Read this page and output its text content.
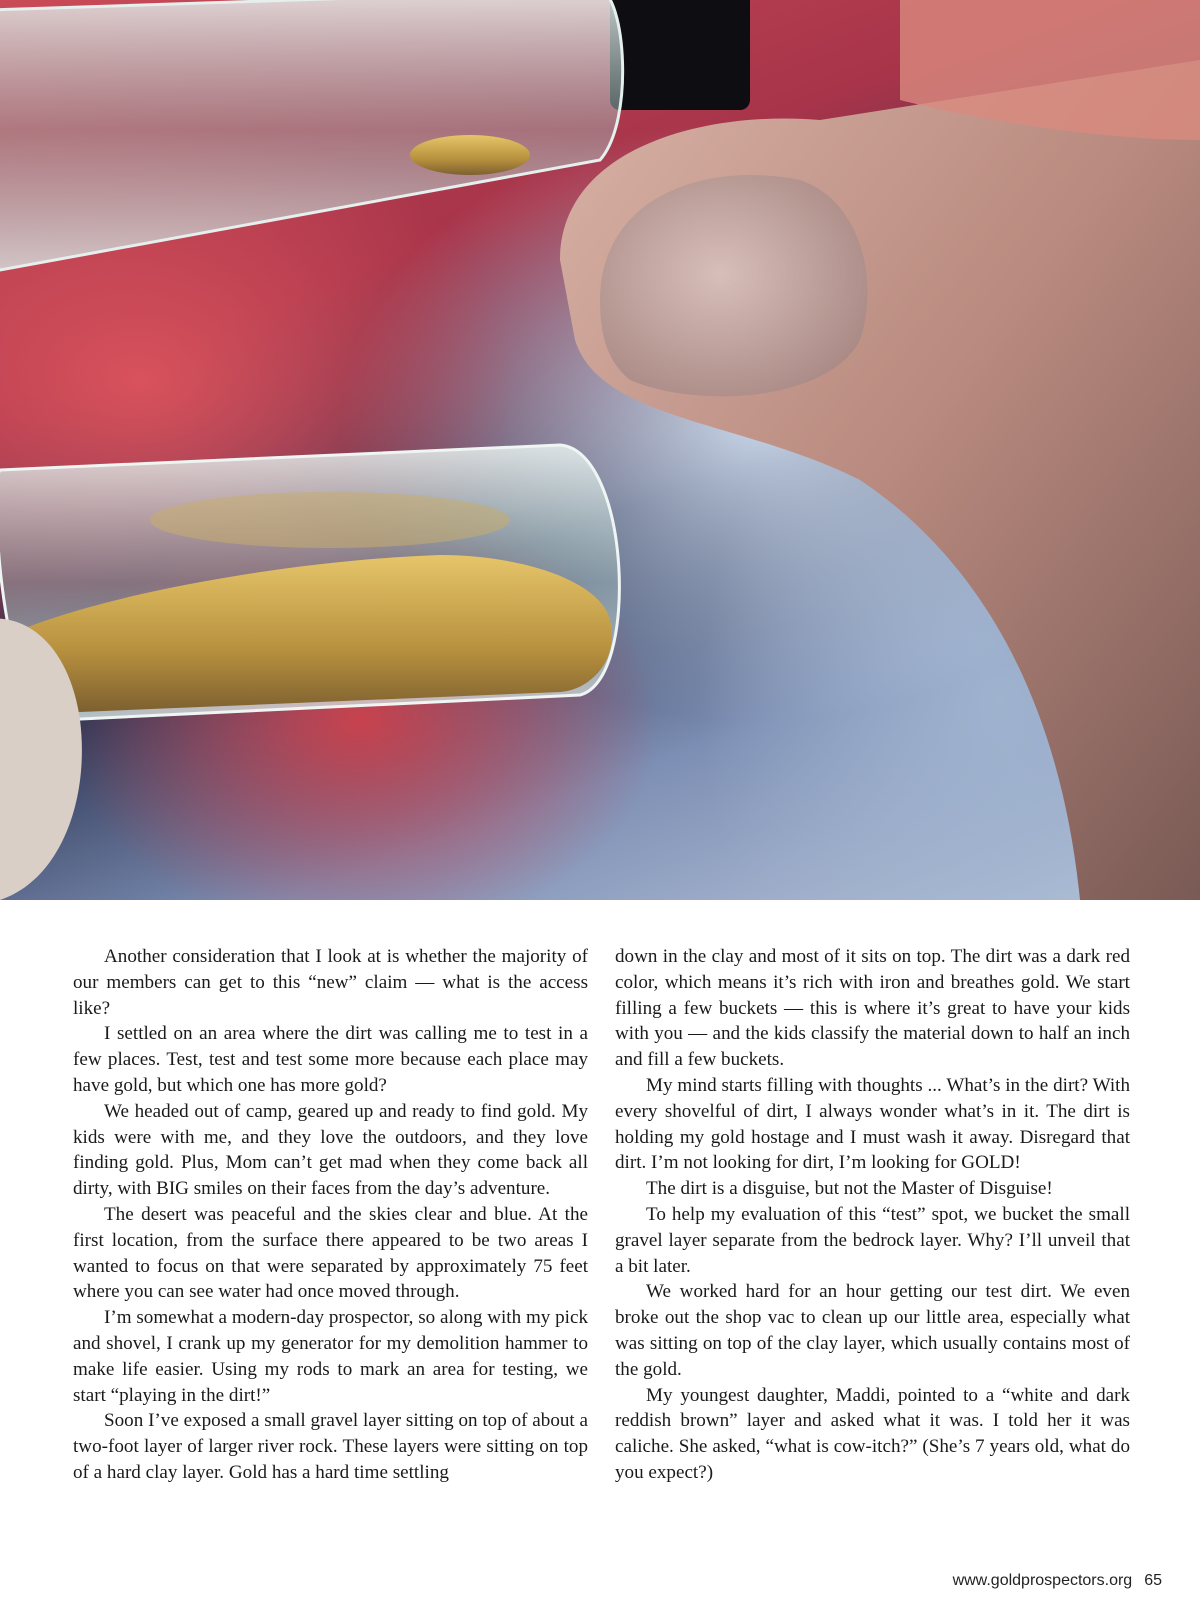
Another consideration that I look at is whether the majority of our members can get to this “new” claim — what is the access like?

I settled on an area where the dirt was calling me to test in a few places. Test, test and test some more because each place may have gold, but which one has more gold?

We headed out of camp, geared up and ready to find gold. My kids were with me, and they love the outdoors, and they love finding gold. Plus, Mom can’t get mad when they come back all dirty, with BIG smiles on their faces from the day’s adventure.

The desert was peaceful and the skies clear and blue. At the first location, from the surface there appeared to be two areas I wanted to focus on that were separated by approximately 75 feet where you can see water had once moved through.

I’m somewhat a modern-day prospector, so along with my pick and shovel, I crank up my generator for my demolition hammer to make life easier. Using my rods to mark an area for testing, we start “playing in the dirt!”

Soon I’ve exposed a small gravel layer sitting on top of about a two-foot layer of larger river rock. These layers were sitting on top of a hard clay layer. Gold has a hard time settling

down in the clay and most of it sits on top. The dirt was a dark red color, which means it’s rich with iron and breathes gold. We start filling a few buckets — this is where it’s great to have your kids with you — and the kids classify the material down to half an inch and fill a few buckets.

My mind starts filling with thoughts ... What’s in the dirt? With every shovelful of dirt, I always wonder what’s in it. The dirt is holding my gold hostage and I must wash it away. Disregard that dirt. I’m not looking for dirt, I’m looking for GOLD!

The dirt is a disguise, but not the Master of Disguise!

To help my evaluation of this “test” spot, we bucket the small gravel layer separate from the bedrock layer. Why? I’ll unveil that a bit later.

We worked hard for an hour getting our test dirt. We even broke out the shop vac to clean up our little area, especially what was sitting on top of the clay layer, which usually contains most of the gold.

My youngest daughter, Maddi, pointed to a “white and dark reddish brown” layer and asked what it was. I told her it was caliche. She asked, “what is cow-itch?” (She’s 7 years old, what do you expect?)

www.goldprospectors.org 65
